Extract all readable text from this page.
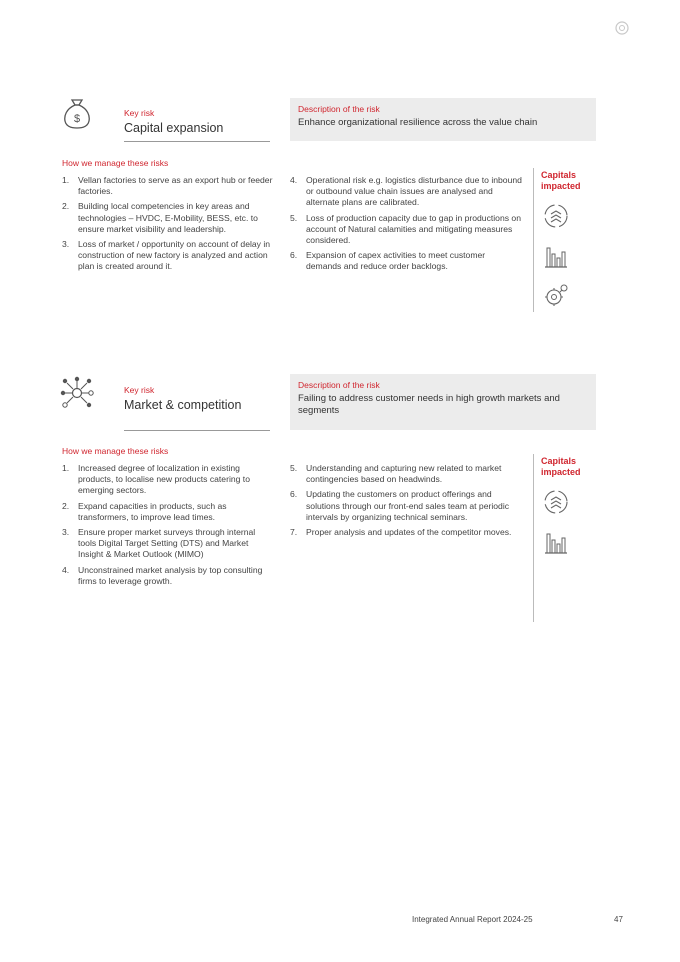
$	Key risk
Capital expansion
Description of the risk
Enhance organizational resilience across the value chain
How we manage these risks
1. Vellan factories to serve as an export hub or feeder factories.
2. Building local competencies in key areas and technologies – HVDC, E-Mobility, BESS, etc. to ensure market visibility and leadership.
3. Loss of market / opportunity on account of delay in construction of new factory is analyzed and action plan is created around it.
4. Operational risk e.g. logistics disturbance due to inbound or outbound value chain issues are analysed and alternate plans are calibrated.
5. Loss of production capacity due to gap in productions on account of Natural calamities and mitigating measures considered.
6. Expansion of capex activities to meet customer demands and reduce order backlogs.
Capitals impacted
Key risk
Market & competition
Description of the risk
Failing to address customer needs in high growth markets and segments
How we manage these risks
1. Increased degree of localization in existing products, to localise new products catering to emerging sectors.
2. Expand capacities in products, such as transformers, to improve lead times.
3. Ensure proper market surveys through internal tools Digital Target Setting (DTS) and Market Insight & Market Outlook (MIMO)
4. Unconstrained market analysis by top consulting firms to leverage growth.
5. Understanding and capturing new related to market contingencies based on headwinds.
6. Updating the customers on product offerings and solutions through our front-end sales team at periodic intervals by organizing technical seminars.
7. Proper analysis and updates of the competitor moves.
Capitals impacted
Integrated Annual Report 2024-25	47
